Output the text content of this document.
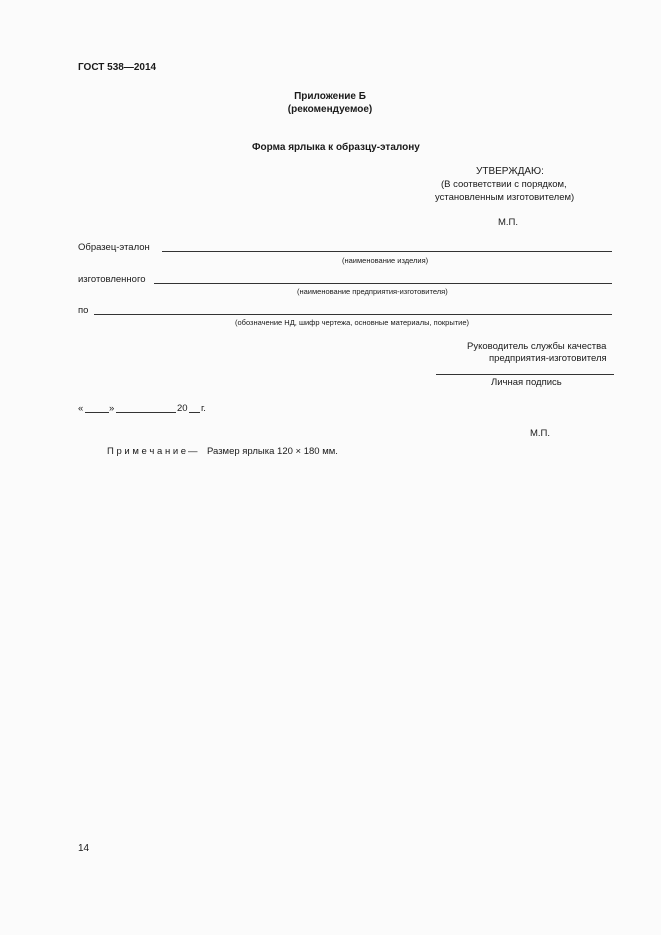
ГОСТ 538—2014
Приложение Б
(рекомендуемое)
Форма ярлыка к образцу-эталону
УТВЕРЖДАЮ:
(В соответствии с порядком,
установленным изготовителем)
М.П.
Образец-эталон
(наименование изделия)
изготовленного
(наименование предприятия-изготовителя)
по
(обозначение НД, шифр чертежа, основные материалы, покрытие)
Руководитель службы качества
предприятия-изготовителя
Личная подпись
«	»	20 г.
М.П.
П р и м е ч а н и е — Размер ярлыка 120 × 180 мм.
14
